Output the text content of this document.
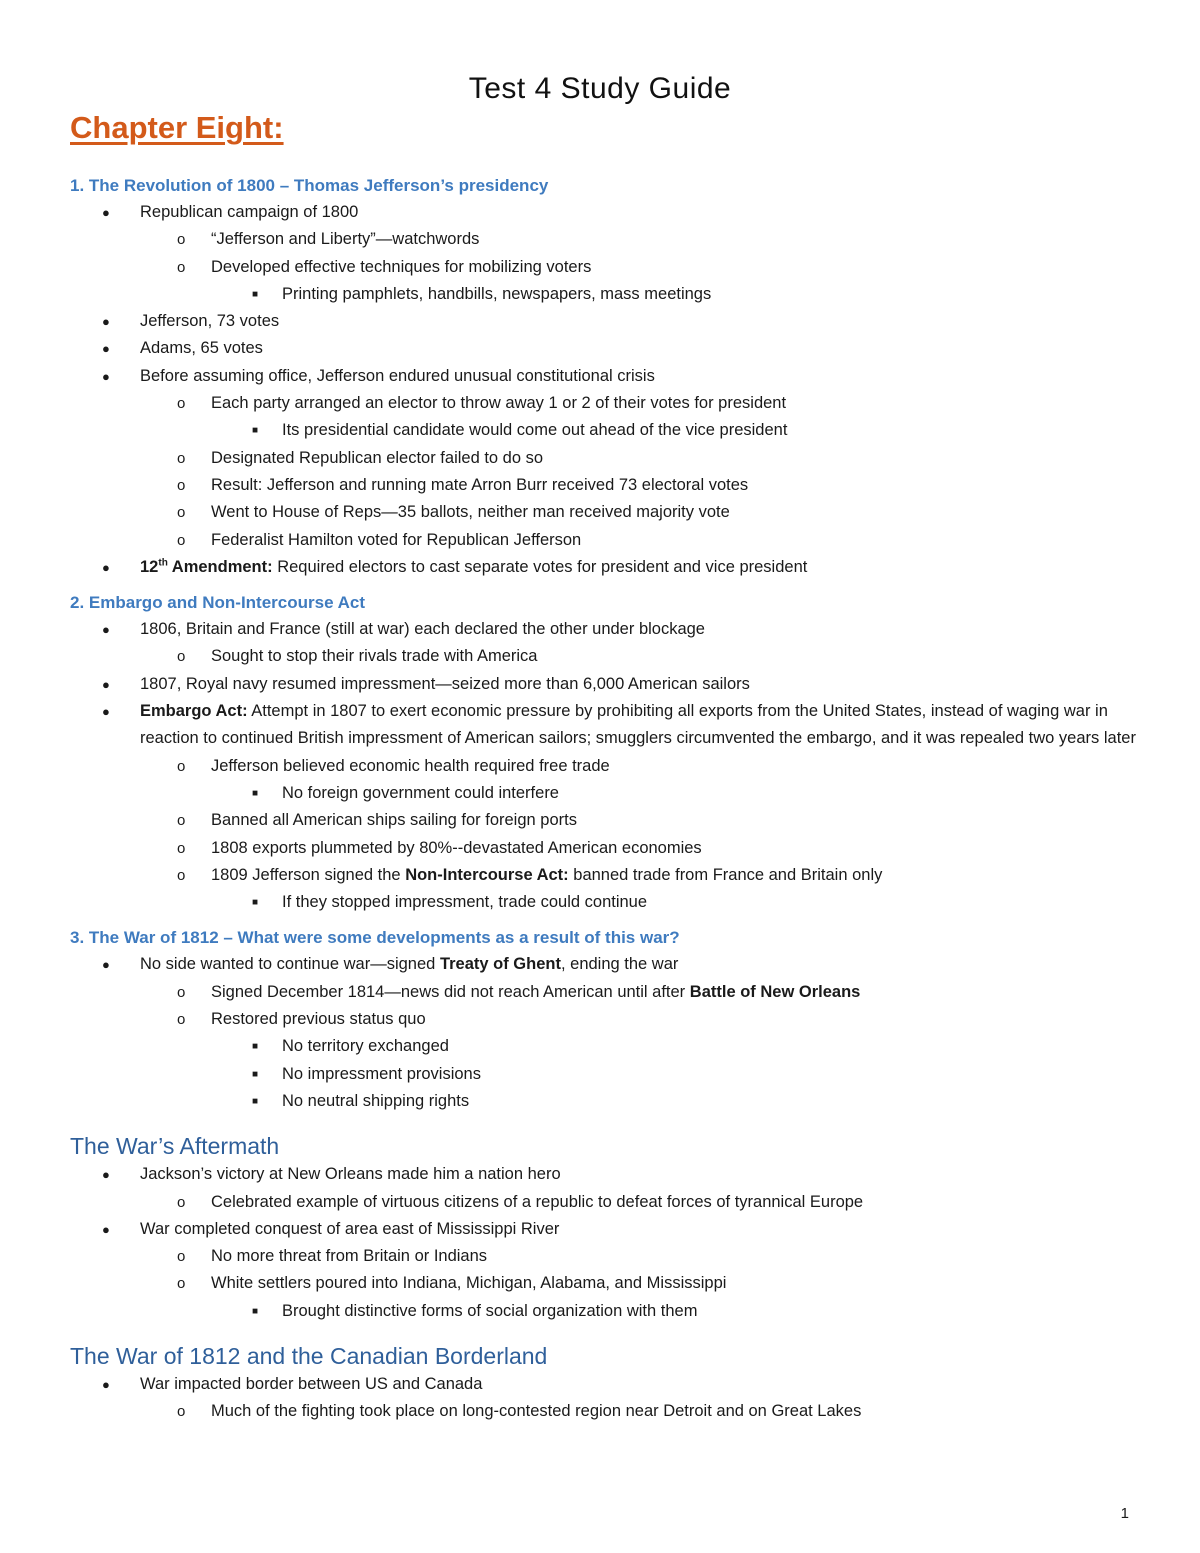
Test 4 Study Guide
Chapter Eight:
1. The Revolution of 1800 – Thomas Jefferson’s presidency
● Republican campaign of 1800
o “Jefferson and Liberty”—watchwords
o Developed effective techniques for mobilizing voters
■ Printing pamphlets, handbills, newspapers, mass meetings
● Jefferson, 73 votes
● Adams, 65 votes
● Before assuming office, Jefferson endured unusual constitutional crisis
o Each party arranged an elector to throw away 1 or 2 of their votes for president
■ Its presidential candidate would come out ahead of the vice president
o Designated Republican elector failed to do so
o Result: Jefferson and running mate Arron Burr received 73 electoral votes
o Went to House of Reps—35 ballots, neither man received majority vote
o Federalist Hamilton voted for Republican Jefferson
● 12th Amendment: Required electors to cast separate votes for president and vice president
2. Embargo and Non-Intercourse Act
● 1806, Britain and France (still at war) each declared the other under blockage
o Sought to stop their rivals trade with America
● 1807, Royal navy resumed impressment—seized more than 6,000 American sailors
● Embargo Act: Attempt in 1807 to exert economic pressure by prohibiting all exports from the United States, instead of waging war in reaction to continued British impressment of American sailors; smugglers circumvented the embargo, and it was repealed two years later
o Jefferson believed economic health required free trade
■ No foreign government could interfere
o Banned all American ships sailing for foreign ports
o 1808 exports plummeted by 80%--devastated American economies
o 1809 Jefferson signed the Non-Intercourse Act: banned trade from France and Britain only
■ If they stopped impressment, trade could continue
3. The War of 1812 – What were some developments as a result of this war?
● No side wanted to continue war—signed Treaty of Ghent, ending the war
o Signed December 1814—news did not reach American until after Battle of New Orleans
o Restored previous status quo
■ No territory exchanged
■ No impressment provisions
■ No neutral shipping rights
The War’s Aftermath
● Jackson’s victory at New Orleans made him a nation hero
o Celebrated example of virtuous citizens of a republic to defeat forces of tyrannical Europe
● War completed conquest of area east of Mississippi River
o No more threat from Britain or Indians
o White settlers poured into Indiana, Michigan, Alabama, and Mississippi
■ Brought distinctive forms of social organization with them
The War of 1812 and the Canadian Borderland
● War impacted border between US and Canada
o Much of the fighting took place on long-contested region near Detroit and on Great Lakes
1
